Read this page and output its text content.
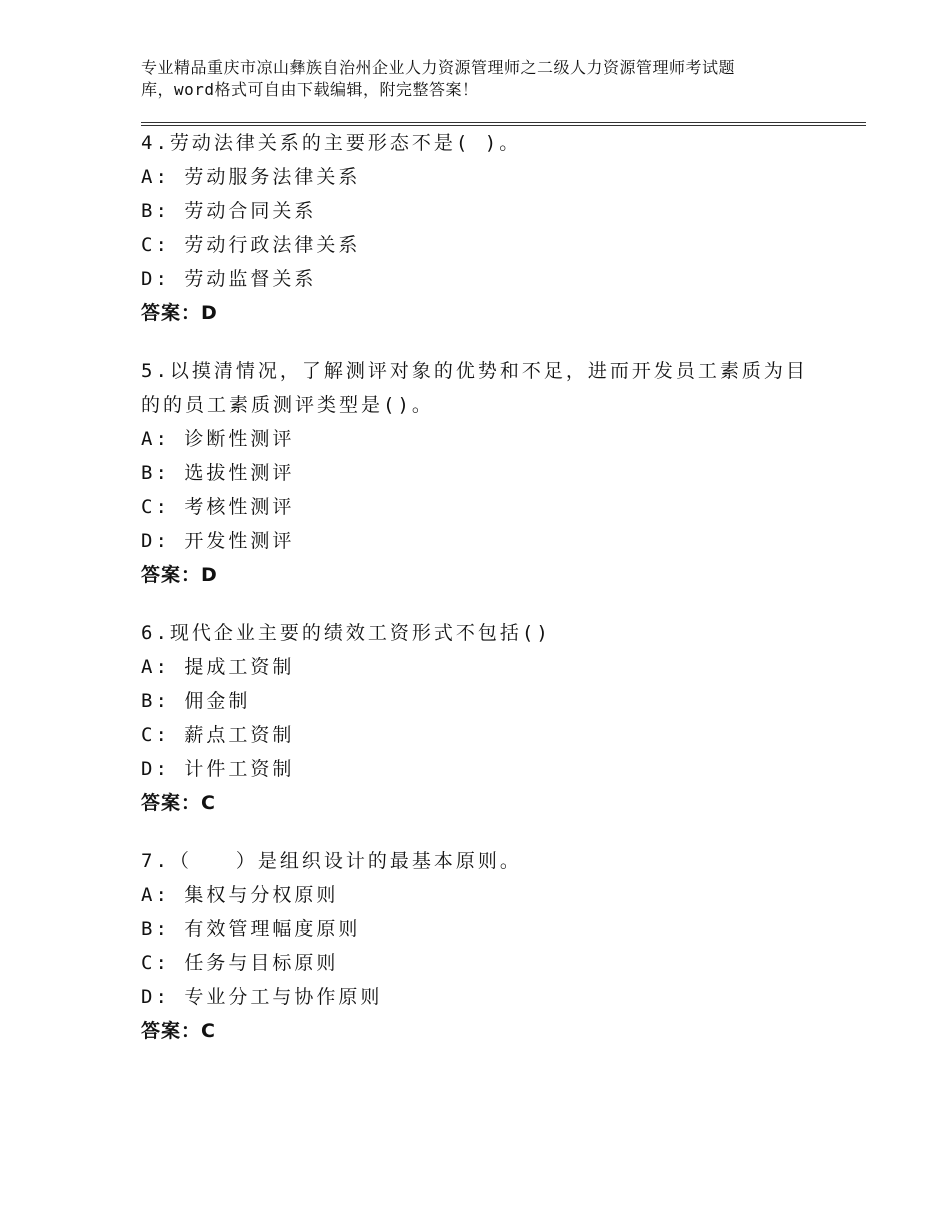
专业精品重庆市凉山彝族自治州企业人力资源管理师之二级人力资源管理师考试题
库，word格式可自由下载编辑，附完整答案！
4.劳动法律关系的主要形态不是( )。
A: 劳动服务法律关系
B: 劳动合同关系
C: 劳动行政法律关系
D: 劳动监督关系
答案：D
5.以摸清情况，了解测评对象的优势和不足，进而开发员工素质为目
的的员工素质测评类型是()。
A: 诊断性测评
B: 选拔性测评
C: 考核性测评
D: 开发性测评
答案：D
6.现代企业主要的绩效工资形式不包括()
A: 提成工资制
B: 佣金制
C: 薪点工资制
D: 计件工资制
答案：C
7.（　　）是组织设计的最基本原则。
A: 集权与分权原则
B: 有效管理幅度原则
C: 任务与目标原则
D: 专业分工与协作原则
答案：C
